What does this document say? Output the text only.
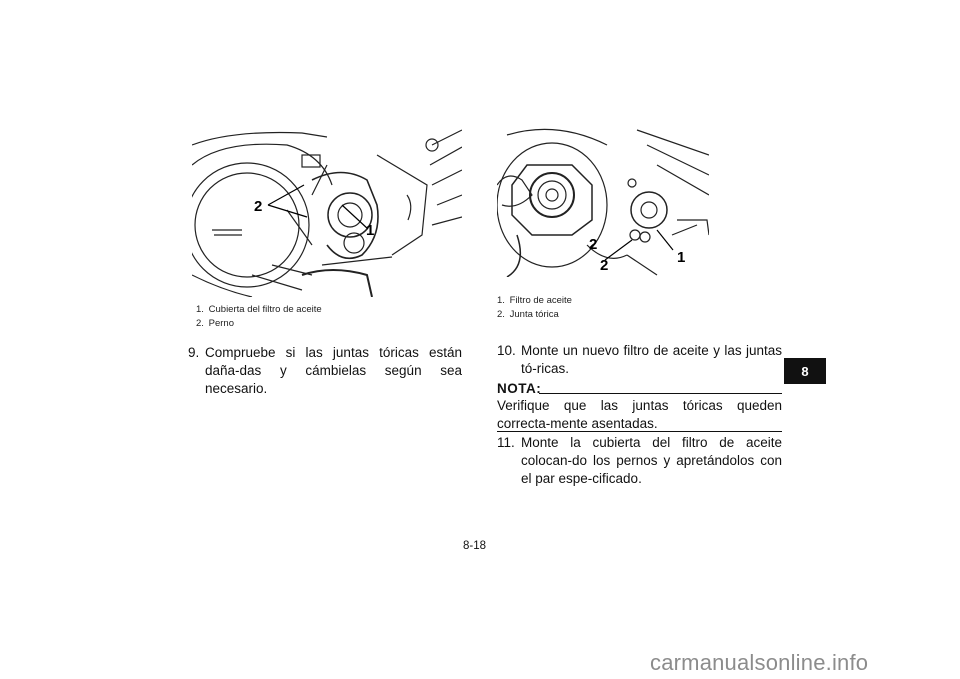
2
1
1. Cubierta del filtro de aceite
2. Perno
9. Compruebe si las juntas tóricas están daña-das y cámbielas según sea necesario.
2
2	1
1. Filtro de aceite
2. Junta tórica
10. Monte un nuevo filtro de aceite y las juntas tó-ricas.
NOTA:
Verifique que las juntas tóricas queden correcta-mente asentadas.
11. Monte la cubierta del filtro de aceite colocan-do los pernos y apretándolos con el par espe-cificado.
8
8-18
carmanualsonline.info
